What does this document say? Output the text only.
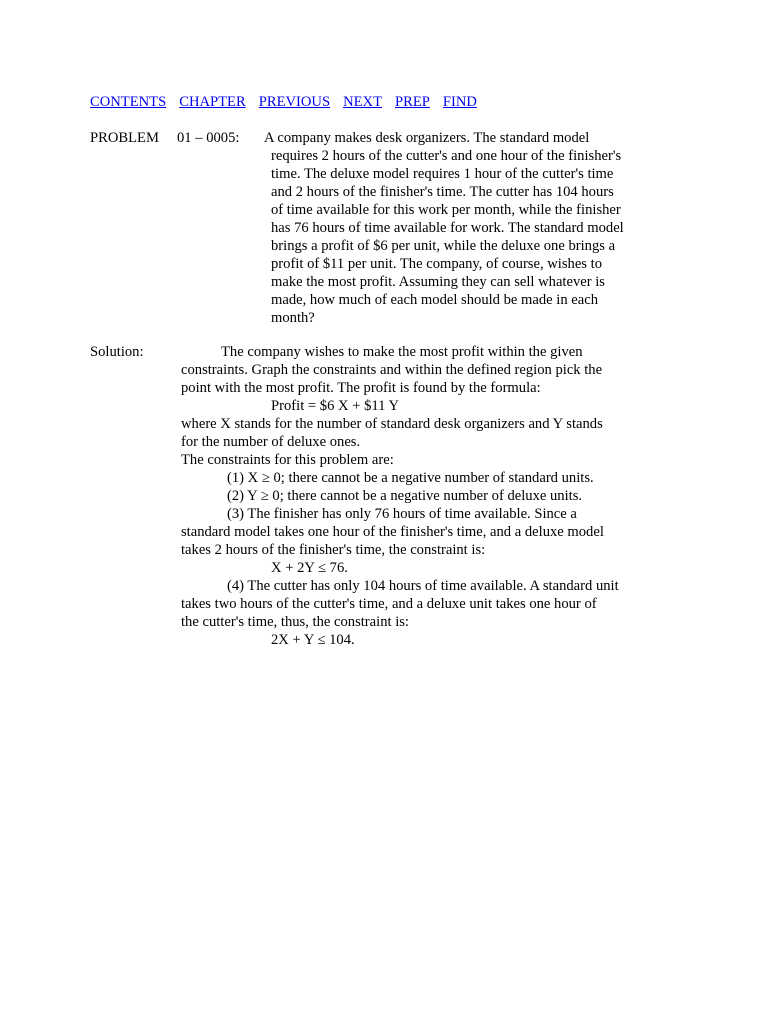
CONTENTS CHAPTER PREVIOUS NEXT PREP FIND
PROBLEM 01 – 0005: A company makes desk organizers. The standard model
requires 2 hours of the cutter's and one hour of the finisher's
time. The deluxe model requires 1 hour of the cutter's time
and 2 hours of the finisher's time. The cutter has 104 hours
of time available for this work per month, while the finisher
has 76 hours of time available for work. The standard model
brings a profit of $6 per unit, while the deluxe one brings a
profit of $11 per unit. The company, of course, wishes to
make the most profit. Assuming they can sell whatever is
made, how much of each model should be made in each
month?
Solution:	The company wishes to make the most profit within the given
constraints. Graph the constraints and within the defined region pick the
point with the most profit. The profit is found by the formula:
Profit = $6 X + $11 Y
where X stands for the number of standard desk organizers and Y stands
for the number of deluxe ones.
The constraints for this problem are:
(1) X ≥ 0; there cannot be a negative number of standard units.
(2) Y ≥ 0; there cannot be a negative number of deluxe units.
(3) The finisher has only 76 hours of time available. Since a
standard model takes one hour of the finisher's time, and a deluxe model
takes 2 hours of the finisher's time, the constraint is:
X + 2Y ≤ 76.
(4) The cutter has only 104 hours of time available. A standard unit
takes two hours of the cutter's time, and a deluxe unit takes one hour of
the cutter's time, thus, the constraint is:
2X + Y ≤ 104.
